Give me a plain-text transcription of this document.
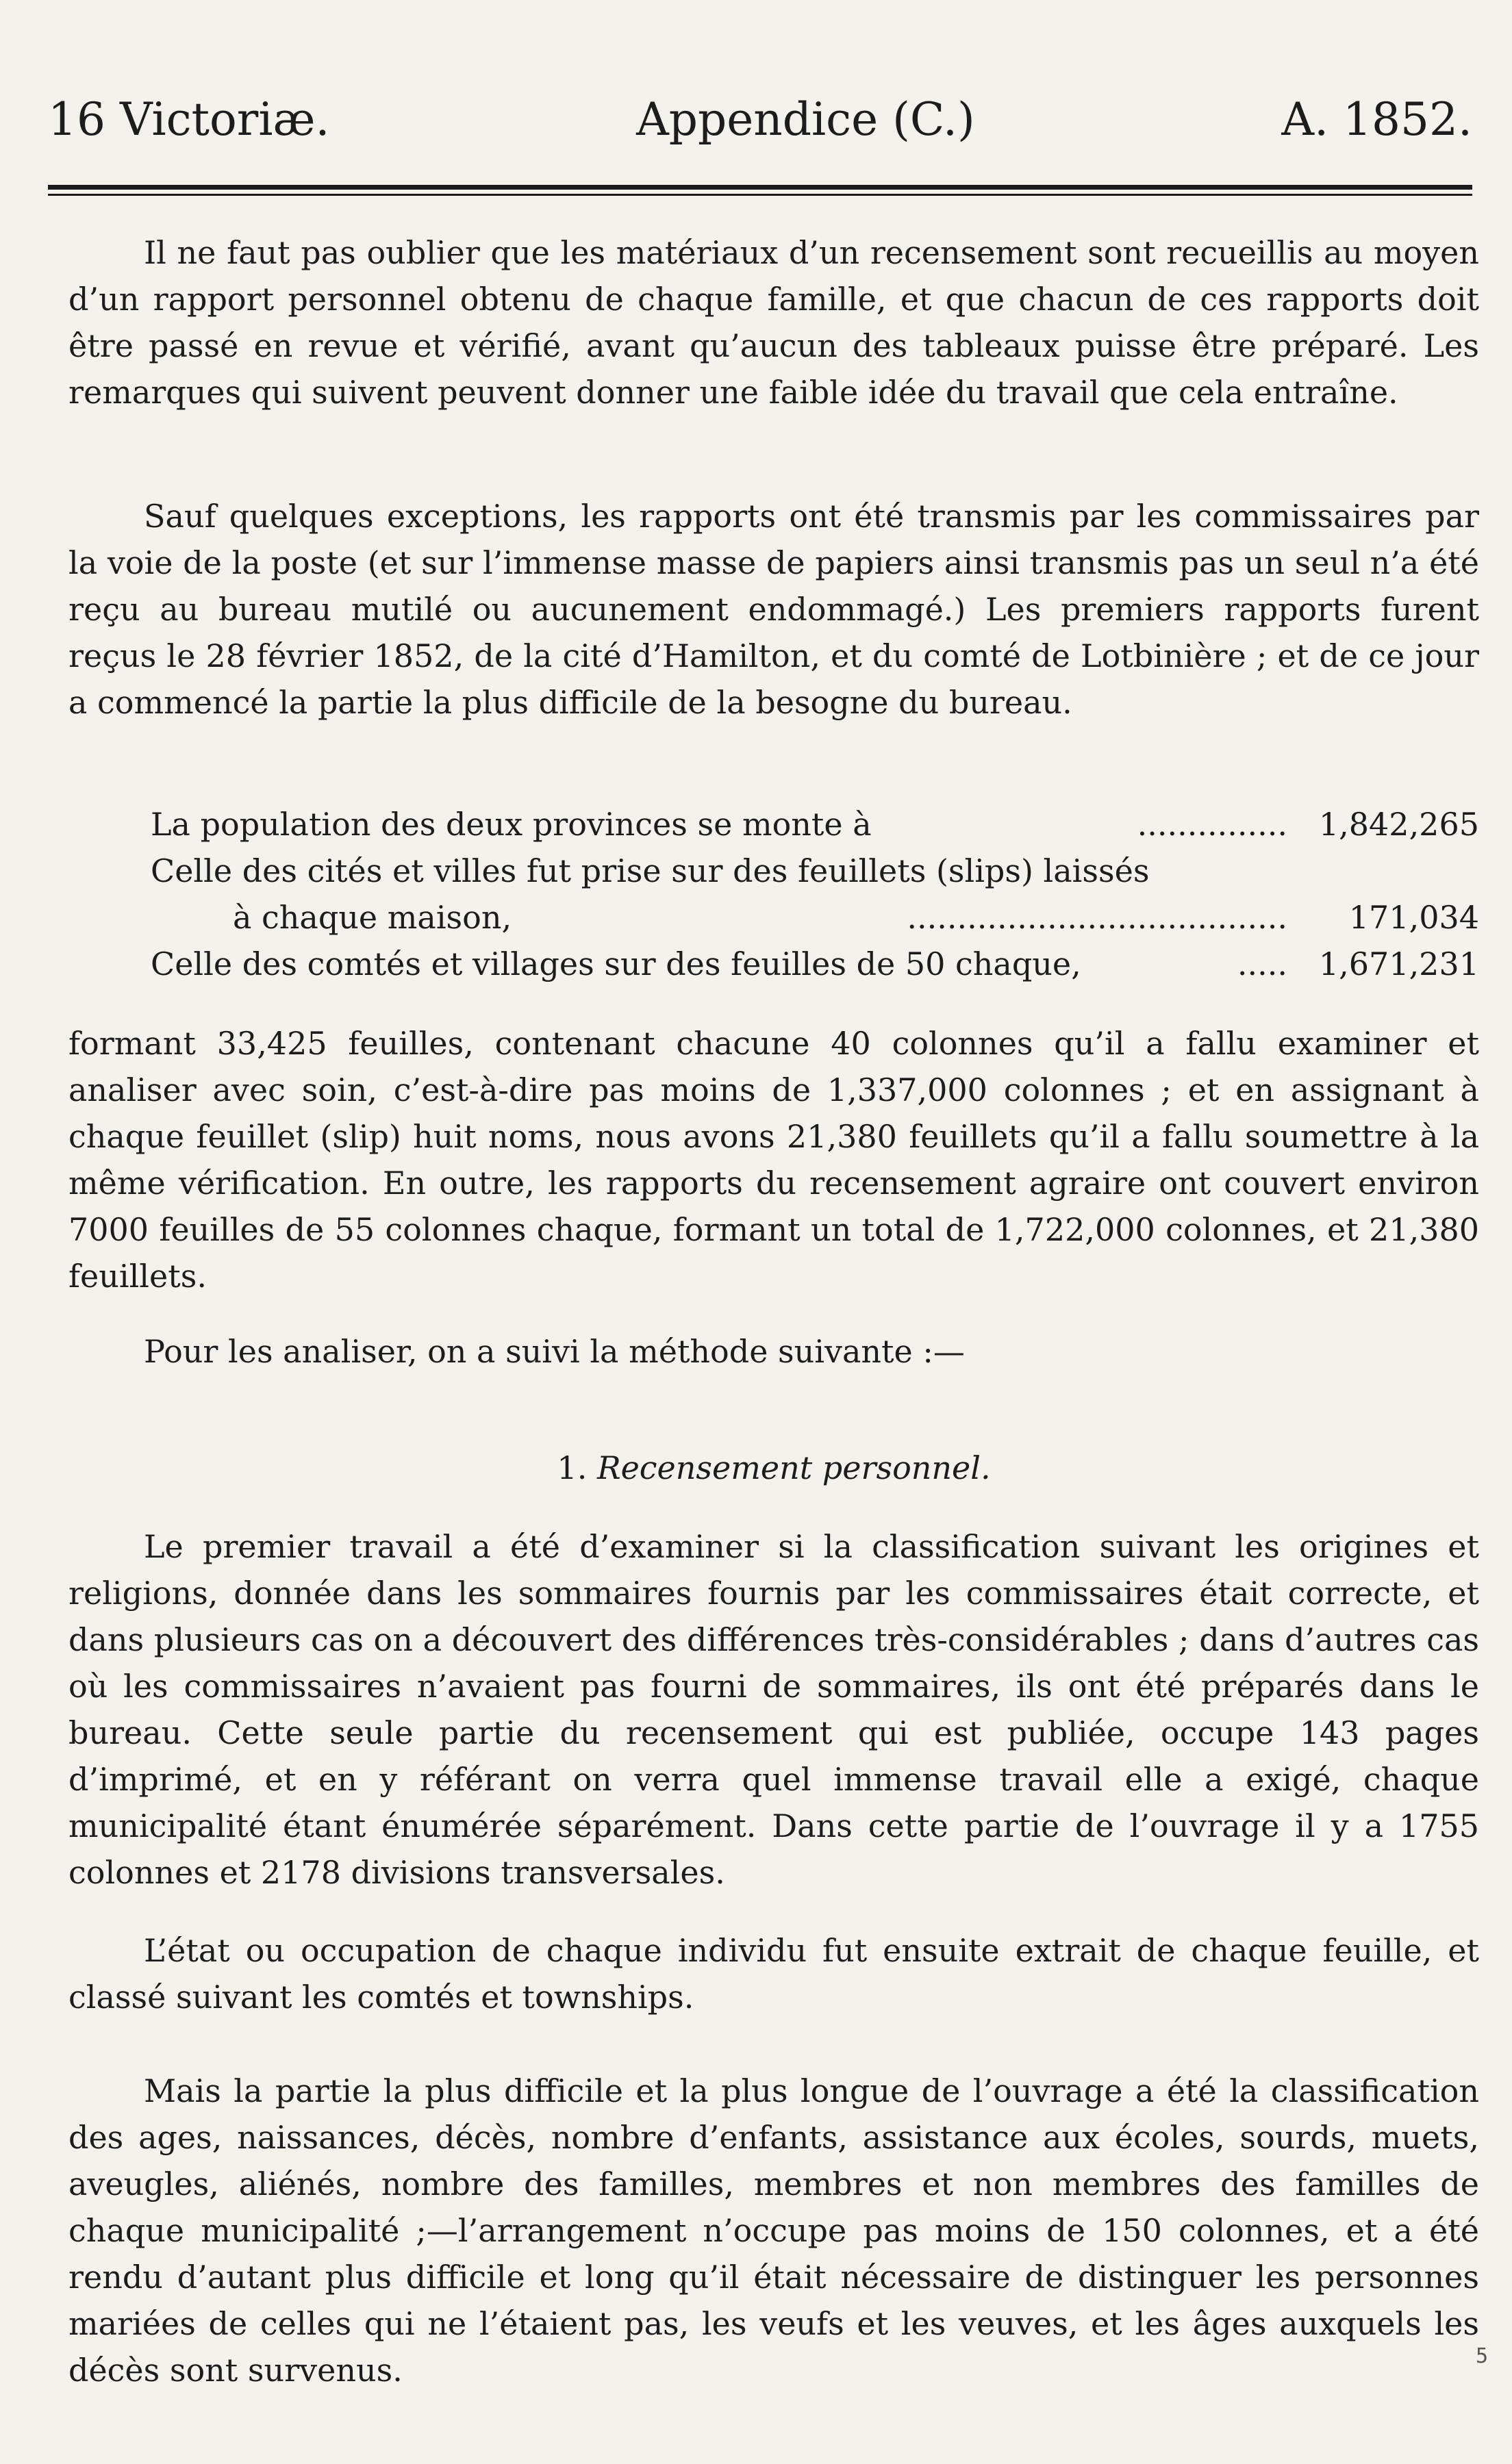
16 Victoriæ.	Appendice (C.)	A. 1852.

Il ne faut pas oublier que les matériaux d’un recensement sont recueillis au moyen d’un rapport personnel obtenu de chaque famille, et que chacun de ces rapports doit être passé en revue et vérifié, avant qu’aucun des tableaux puisse être préparé. Les remarques qui suivent peuvent donner une faible idée du travail que cela entraîne.

Sauf quelques exceptions, les rapports ont été transmis par les commissaires par la voie de la poste (et sur l’immense masse de papiers ainsi transmis pas un seul n’a été reçu au bureau mutilé ou aucunement endommagé.) Les premiers rapports furent reçus le 28 février 1852, de la cité d’Hamilton, et du comté de Lotbinière ; et de ce jour a commencé la partie la plus difficile de la besogne du bureau.

La population des deux provinces se monte à	............... 1,842,265
Celle des cités et villes fut prise sur des feuillets (slips) laissés
à chaque maison,	......................................	171,034
Celle des comtés et villages sur des feuilles de 50 chaque,	..... 1,671,231

formant 33,425 feuilles, contenant chacune 40 colonnes qu’il a fallu examiner et analiser avec soin, c’est-à-dire pas moins de 1,337,000 colonnes ; et en assignant à chaque feuillet (slip) huit noms, nous avons 21,380 feuillets qu’il a fallu soumettre à la même vérification. En outre, les rapports du recensement agraire ont couvert environ 7000 feuilles de 55 colonnes chaque, formant un total de 1,722,000 colonnes, et 21,380 feuillets.

Pour les analiser, on a suivi la méthode suivante :—

1. Recensement personnel.

Le premier travail a été d’examiner si la classification suivant les origines et religions, donnée dans les sommaires fournis par les commissaires était correcte, et dans plusieurs cas on a découvert des différences très-considérables ; dans d’autres cas où les commissaires n’avaient pas fourni de sommaires, ils ont été préparés dans le bureau. Cette seule partie du recensement qui est publiée, occupe 143 pages d’imprimé, et en y référant on verra quel immense travail elle a exigé, chaque municipalité étant énumérée séparément. Dans cette partie de l’ouvrage il y a 1755 colonnes et 2178 divisions transversales.

L’état ou occupation de chaque individu fut ensuite extrait de chaque feuille, et classé suivant les comtés et townships.

Mais la partie la plus difficile et la plus longue de l’ouvrage a été la classification des ages, naissances, décès, nombre d’enfants, assistance aux écoles, sourds, muets, aveugles, aliénés, nombre des familles, membres et non membres des familles de chaque municipalité ;—l’arrangement n’occupe pas moins de 150 colonnes, et a été rendu d’autant plus difficile et long qu’il était nécessaire de distinguer les personnes mariées de celles qui ne l’étaient pas, les veufs et les veuves, et les âges auxquels les décès sont survenus.	5
